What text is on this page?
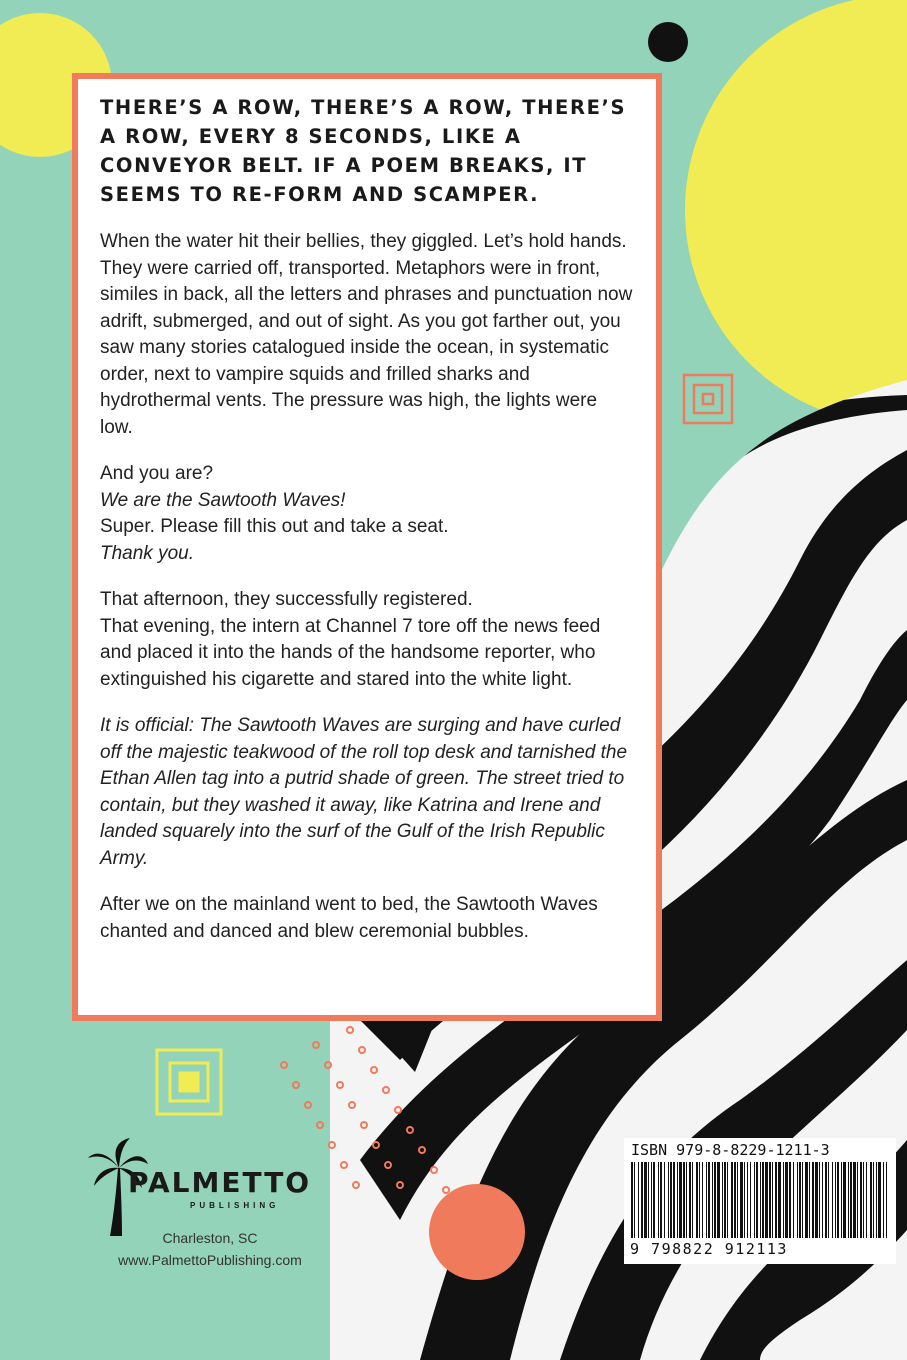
THERE’S A ROW, THERE’S A ROW, THERE’S A ROW, EVERY 8 SECONDS, LIKE A CONVEYOR BELT. IF A POEM BREAKS, IT SEEMS TO RE-FORM AND SCAMPER.

When the water hit their bellies, they giggled. Let’s hold hands. They were carried off, transported. Metaphors were in front, similes in back, all the letters and phrases and punctuation now adrift, submerged, and out of sight. As you got farther out, you saw many stories catalogued inside the ocean, in systematic order, next to vampire squids and frilled sharks and hydrothermal vents. The pressure was high, the lights were low.

And you are?
We are the Sawtooth Waves!
Super. Please fill this out and take a seat.
Thank you.

That afternoon, they successfully registered.
That evening, the intern at Channel 7 tore off the news feed and placed it into the hands of the handsome reporter, who extinguished his cigarette and stared into the white light.

It is official: The Sawtooth Waves are surging and have curled off the majestic teakwood of the roll top desk and tarnished the Ethan Allen tag into a putrid shade of green. The street tried to contain, but they washed it away, like Katrina and Irene and landed squarely into the surf of the Gulf of the Irish Republic Army.

After we on the mainland went to bed, the Sawtooth Waves chanted and danced and blew ceremonial bubbles.

PALMETTO
PUBLISHING
Charleston, SC
www.PalmettoPublishing.com
ISBN 979-8-8229-1211-3
9 798822 912113
